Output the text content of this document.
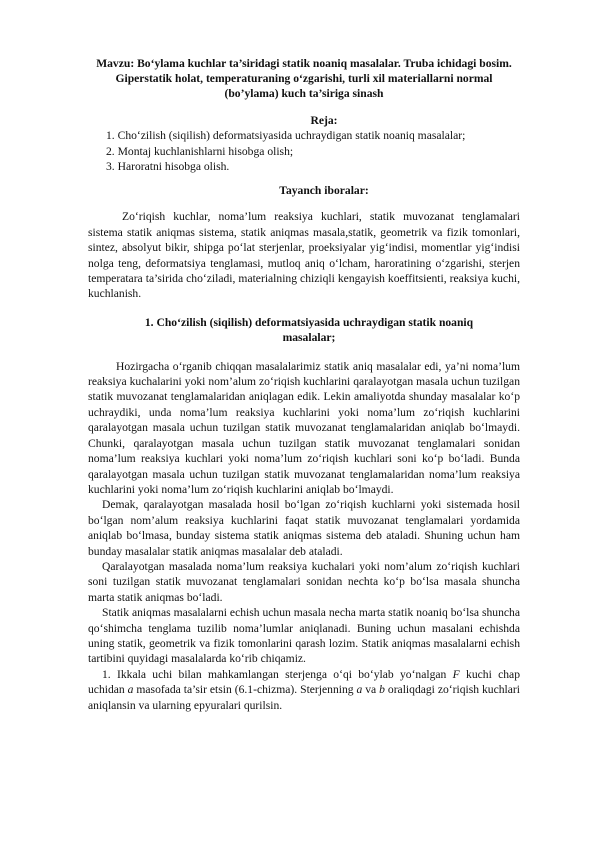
Mavzu: Bo‘ylama kuchlar ta’siridagi statik noaniq masalalar. Truba ichidagi bosim. Giperstatik holat, temperaturaning o‘zgarishi, turli xil materiallarni normal (bo’ylama) kuch ta’siriga sinash

Reja:

1. Cho‘zilish (siqilish) deformatsiyasida uchraydigan statik noaniq masalalar;
2. Montaj kuchlanishlarni hisobga olish;
3. Haroratni hisobga olish.

Tayanch iboralar:

Zo‘riqish kuchlar, noma’lum reaksiya kuchlari, statik muvozanat tenglamalari sistema statik aniqmas sistema, statik aniqmas masala,statik, geometrik va fizik tomonlari, sintez, absolyut bikir, shipga po‘lat sterjenlar, proeksiyalar yig‘indisi, momentlar yig‘indisi nolga teng, deformatsiya tenglamasi, mutloq aniq o‘lcham, haroratining o‘zgarishi, sterjen temperatara ta’sirida cho‘ziladi, materialning chiziqli kengayish koeffitsienti, reaksiya kuchi, kuchlanish.

1. Cho‘zilish (siqilish) deformatsiyasida uchraydigan statik noaniq masalalar;

Hozirgacha o‘rganib chiqqan masalalarimiz statik aniq masalalar edi, ya’ni noma’lum reaksiya kuchalarini yoki nom’alum zo‘riqish kuchlarini qaralayotgan masala uchun tuzilgan statik muvozanat tenglamalaridan aniqlagan edik. Lekin amaliyotda shunday masalalar ko‘p uchraydiki, unda noma’lum reaksiya kuchlarini yoki noma’lum zo‘riqish kuchlarini qaralayotgan masala uchun tuzilgan statik muvozanat tenglamalaridan aniqlab bo‘lmaydi. Chunki, qaralayotgan masala uchun tuzilgan statik muvozanat tenglamalari sonidan noma’lum reaksiya kuchlari yoki noma’lum zo‘riqish kuchlari soni ko‘p bo‘ladi. Bunda qaralayotgan masala uchun tuzilgan statik muvozanat tenglamalaridan noma’lum reaksiya kuchlarini yoki noma’lum zo‘riqish kuchlarini aniqlab bo‘lmaydi.

Demak, qaralayotgan masalada hosil bo‘lgan zo‘riqish kuchlarni yoki sistemada hosil bo‘lgan nom’alum reaksiya kuchlarini faqat statik muvozanat tenglamalari yordamida aniqlab bo‘lmasa, bunday sistema statik aniqmas sistema deb ataladi. Shuning uchun ham bunday masalalar statik aniqmas masalalar deb ataladi.

Qaralayotgan masalada noma’lum reaksiya kuchalari yoki nom’alum zo‘riqish kuchlari soni tuzilgan statik muvozanat tenglamalari sonidan nechta ko‘p bo‘lsa masala shuncha marta statik aniqmas bo‘ladi.

Statik aniqmas masalalarni echish uchun masala necha marta statik noaniq bo‘lsa shuncha qo‘shimcha tenglama tuzilib noma’lumlar aniqlanadi. Buning uchun masalani echishda uning statik, geometrik va fizik tomonlarini qarash lozim. Statik aniqmas masalalarni echish tartibini quyidagi masalalarda ko‘rib chiqamiz.

1. Ikkala uchi bilan mahkamlangan sterjenga o‘qi bo‘ylab yo‘nalgan F kuchi chap uchidan a masofada ta’sir etsin (6.1-chizma). Sterjenning a va b oraliqdagi zo‘riqish kuchlari aniqlansin va ularning epyuralari qurilsin.
